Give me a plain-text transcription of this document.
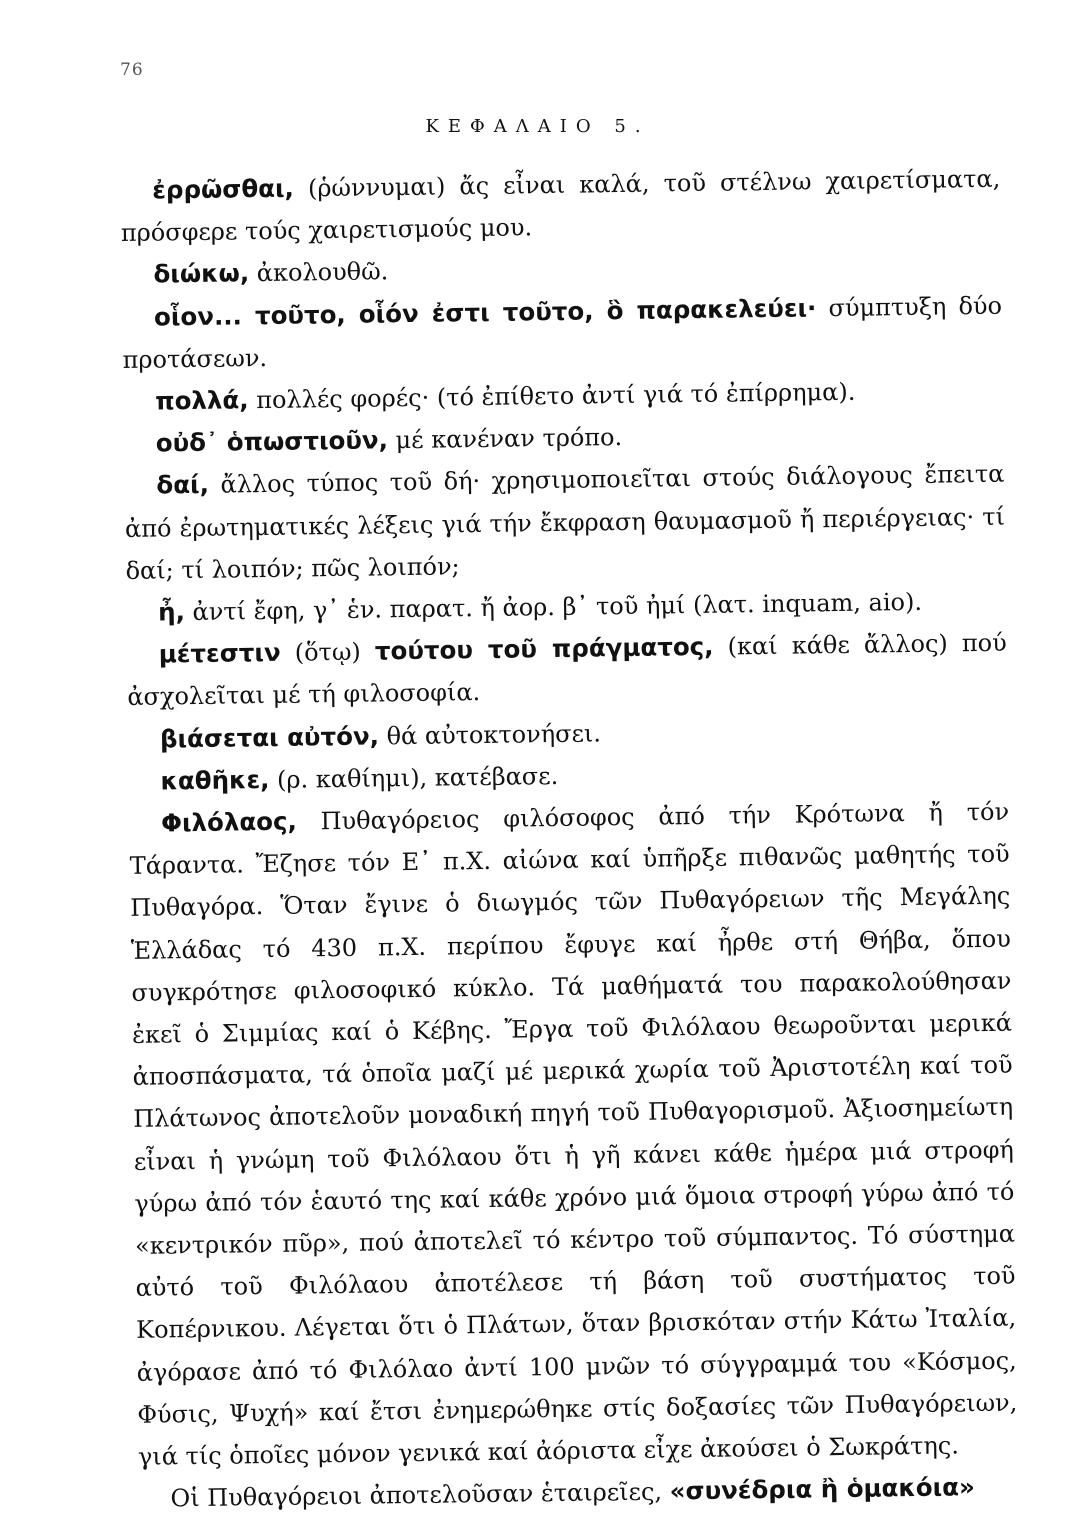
76
ΚΕΦΑΛΑΙΟ 5.

ἐρρῶσθαι, (ῥώννυμαι) ἄς εἶναι καλά, τοῦ στέλνω χαιρετίσματα, πρόσφερε τούς χαιρετισμούς μου.

διώκω, ἀκολουθῶ.

οἷον... τοῦτο, οἷόν ἐστι τοῦτο, ὃ παρακελεύει· σύμπτυξη δύο προτάσεων.

πολλά, πολλές φορές· (τό ἐπίθετο ἀντί γιά τό ἐπίρρημα).

οὐδ᾿ ὁπωστιοῦν, μέ κανέναν τρόπο.

δαί, ἄλλος τύπος τοῦ δή· χρησιμοποιεῖται στούς διάλογους ἔπειτα ἀπό ἐρωτηματικές λέξεις γιά τήν ἔκφραση θαυμασμοῦ ἤ περιέργειας· τί δαί; τί λοιπόν; πῶς λοιπόν;

ἦ, ἀντί ἔφη, γ᾿ ἑν. παρατ. ἤ ἀορ. β᾿ τοῦ ἠμί (λατ. inquam, aio).

μέτεστιν (ὅτῳ) τούτου τοῦ πράγματος, (καί κάθε ἄλλος) πού ἀσχολεῖται μέ τή φιλοσοφία.

βιάσεται αὐτόν, θά αὐτοκτονήσει.

καθῆκε, (ρ. καθίημι), κατέβασε.

Φιλόλαος, Πυθαγόρειος φιλόσοφος ἀπό τήν Κρότωνα ἤ τόν Τάραντα. Ἔζησε τόν Ε᾿ π.Χ. αἰώνα καί ὑπῆρξε πιθανῶς μαθητής τοῦ Πυθαγόρα. Ὅταν ἔγινε ὁ διωγμός τῶν Πυθαγόρειων τῆς Μεγάλης Ἑλλάδας τό 430 π.Χ. περίπου ἔφυγε καί ἦρθε στή Θήβα, ὅπου συγκρότησε φιλοσοφικό κύκλο. Τά μαθήματά του παρακολούθησαν ἐκεῖ ὁ Σιμμίας καί ὁ Κέβης. Ἔργα τοῦ Φιλόλαου θεωροῦνται μερικά ἀποσπάσματα, τά ὁποῖα μαζί μέ μερικά χωρία τοῦ Ἀριστοτέλη καί τοῦ Πλάτωνος ἀποτελοῦν μοναδική πηγή τοῦ Πυθαγορισμοῦ. Ἀξιοσημείωτη εἶναι ἡ γνώμη τοῦ Φιλόλαου ὅτι ἡ γῆ κάνει κάθε ἡμέρα μιά στροφή γύρω ἀπό τόν ἑαυτό της καί κάθε χρόνο μιά ὅμοια στροφή γύρω ἀπό τό «κεντρικόν πῦρ», πού ἀποτελεῖ τό κέντρο τοῦ σύμπαντος. Τό σύστημα αὐτό τοῦ Φιλόλαου ἀποτέλεσε τή βάση τοῦ συστήματος τοῦ Κοπέρνικου. Λέγεται ὅτι ὁ Πλάτων, ὅταν βρισκόταν στήν Κάτω Ἰταλία, ἀγόρασε ἀπό τό Φιλόλαο ἀντί 100 μνῶν τό σύγγραμμά του «Κόσμος, Φύσις, Ψυχή» καί ἔτσι ἐνημερώθηκε στίς δοξασίες τῶν Πυθαγόρειων, γιά τίς ὁποῖες μόνον γενικά καί ἀόριστα εἶχε ἀκούσει ὁ Σωκράτης.

Οἱ Πυθαγόρειοι ἀποτελοῦσαν ἑταιρεῖες, «συνέδρια ἢ ὁμακόια»
